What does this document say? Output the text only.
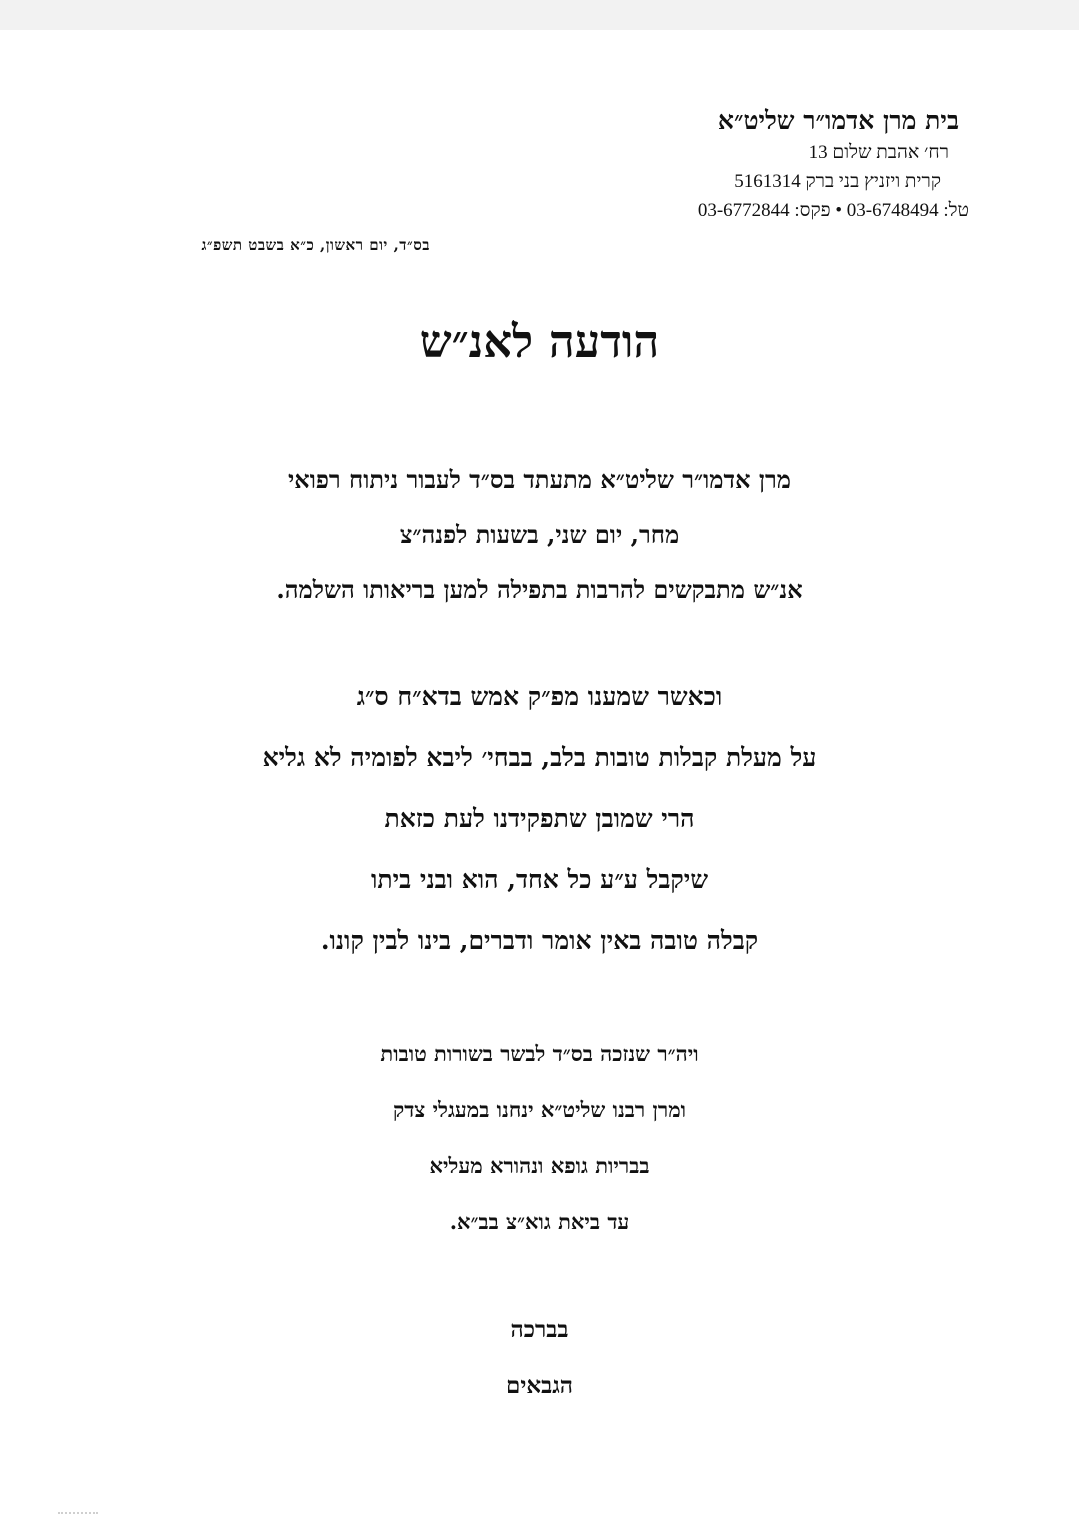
בית מרן אדמו״ר שליט״א
רח׳ אהבת שלום 13
קרית ויזניץ בני ברק 5161314
טל: 03-6748494 • פקס: 03-6772844
בס״ד, יום ראשון, כ״א בשבט תשפ״ג
הודעה לאנ״ש
מרן אדמו״ר שליט״א מתעתד בס״ד לעבור ניתוח רפואי
מחר, יום שני, בשעות לפנה״צ
אנ״ש מתבקשים להרבות בתפילה למען בריאותו השלמה.
וכאשר שמענו מפ״ק אמש בדא״ח ס״ג
על מעלת קבלות טובות בלב, בבחי׳ ליבא לפומיה לא גליא
הרי שמובן שתפקידנו לעת כזאת
שיקבל ע״ע כל אחד, הוא ובני ביתו
קבלה טובה באין אומר ודברים, בינו לבין קונו.
ויה״ר שנזכה בס״ד לבשר בשורות טובות
ומרן רבנו שליט״א ינחנו במעגלי צדק
בבריות גופא ונהורא מעליא
עד ביאת גוא״צ בב״א.
בברכה
הגבאים
